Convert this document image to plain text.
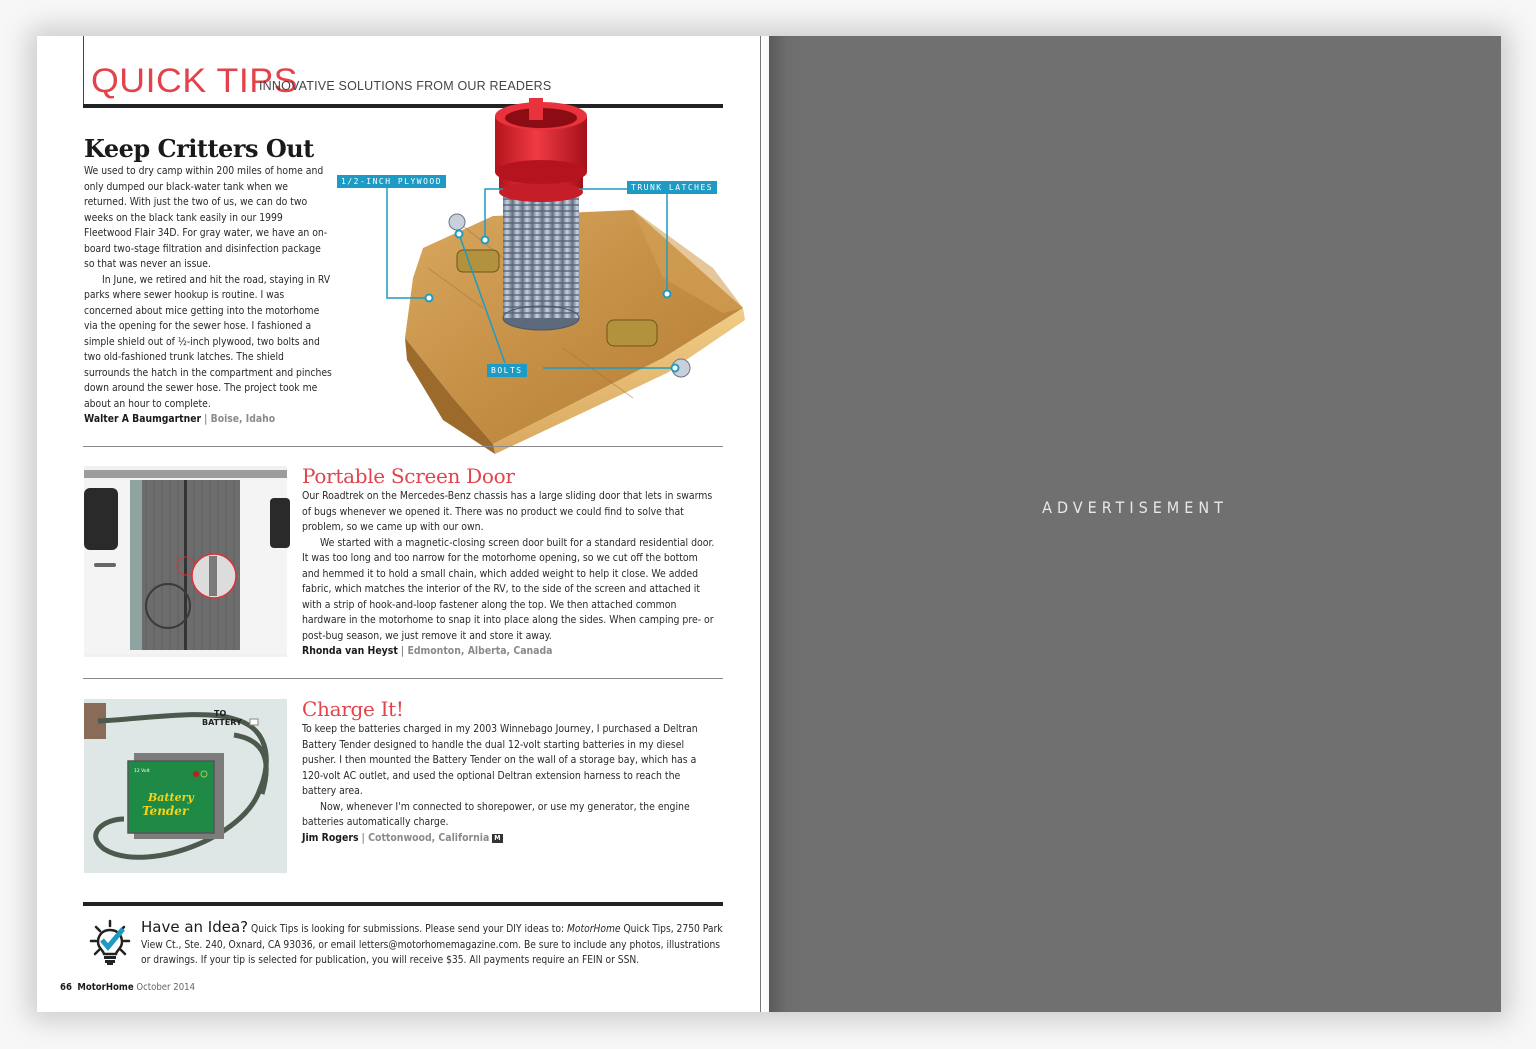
QUICK TIPS
INNOVATIVE SOLUTIONS FROM OUR READERS
Keep Critters Out

We used to dry camp within 200 miles of home and only dumped our black-water tank when we returned. With just the two of us, we can do two weeks on the black tank easily in our 1999 Fleetwood Flair 34D. For gray water, we have an on-board two-stage filtration and disinfection package so that was never an issue.

In June, we retired and hit the road, staying in RV parks where sewer hookup is routine. I was concerned about mice getting into the motorhome via the opening for the sewer hose. I fashioned a simple shield out of ½-inch plywood, two bolts and two old-fashioned trunk latches. The shield surrounds the hatch in the compartment and pinches down around the sewer hose. The project took me about an hour to complete.

Walter A Baumgartner | Boise, Idaho
1/2-INCH PLYWOOD
TRUNK LATCHES
BOLTS
Portable Screen Door

Our Roadtrek on the Mercedes-Benz chassis has a large sliding door that lets in swarms of bugs whenever we opened it. There was no product we could find to solve that problem, so we came up with our own.

We started with a magnetic-closing screen door built for a standard residential door. It was too long and too narrow for the motorhome opening, so we cut off the bottom and hemmed it to hold a small chain, which added weight to help it close. We added fabric, which matches the interior of the RV, to the side of the screen and attached it with a strip of hook-and-loop fastener along the top. We then attached common hardware in the motorhome to snap it into place along the sides. When camping pre- or post-bug season, we just remove it and store it away.

Rhonda van Heyst | Edmonton, Alberta, Canada
12 Volt
Battery
Tender
TO
BATTERY
Charge It!

To keep the batteries charged in my 2003 Winnebago Journey, I purchased a Deltran Battery Tender designed to handle the dual 12-volt starting batteries in my diesel pusher. I then mounted the Battery Tender on the wall of a storage bay, which has a 120-volt AC outlet, and used the optional Deltran extension harness to reach the battery area.

Now, whenever I'm connected to shorepower, or use my generator, the engine batteries automatically charge.

Jim Rogers | Cottonwood, California M
Have an Idea? Quick Tips is looking for submissions. Please send your DIY ideas to: MotorHome Quick Tips, 2750 Park View Ct., Ste. 240, Oxnard, CA 93036, or email letters@motorhomemagazine.com. Be sure to include any photos, illustrations or drawings. If your tip is selected for publication, you will receive $35. All payments require an FEIN or SSN.
66 MotorHome October 2014
ADVERTISEMENT
